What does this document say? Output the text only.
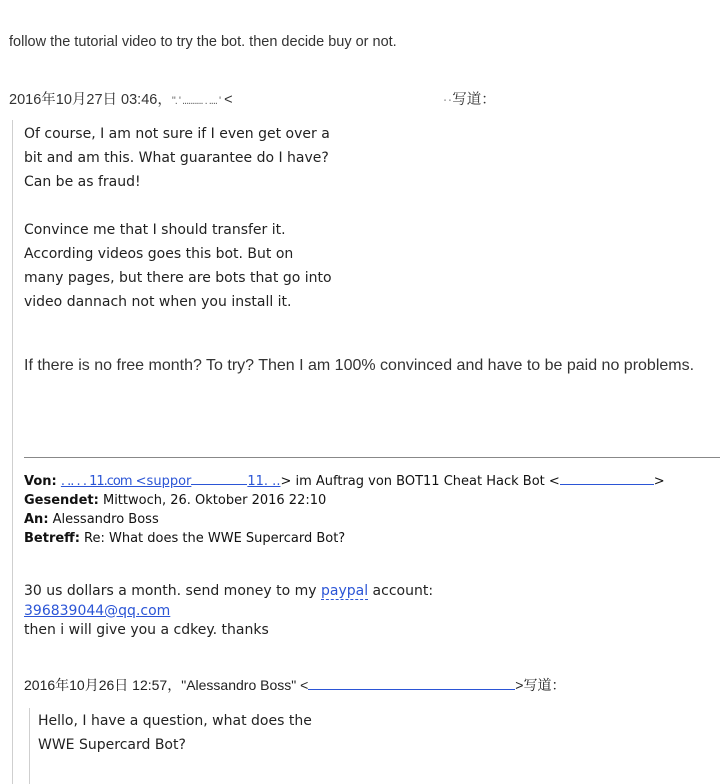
follow the tutorial video to try the bot. then decide buy or not.
2016年10月27日 03:46，". ' .......... . .... ' <	··写道：
Of course, I am not sure if I even get over a
bit and am this. What guarantee do I have?
Can be as fraud!
Convince me that I should transfer it.
According videos goes this bot. But on
many pages, but there are bots that go into
video dannach not when you install it.
If there is no free month? To try? Then I am 100% convinced and have to be paid no problems.
Von: . .. . . 11.com <suppor	11. ..> im Auftrag von BOT11 Cheat Hack Bot <	>
Gesendet: Mittwoch, 26. Oktober 2016 22:10
An: Alessandro Boss
Betreff: Re: What does the WWE Supercard Bot?
30 us dollars a month. send money to my paypal account:
396839044@qq.com
then i will give you a cdkey. thanks
2016年10月26日 12:57，"Alessandro Boss" <	>写道：
Hello, I have a question, what does the
WWE Supercard Bot?
